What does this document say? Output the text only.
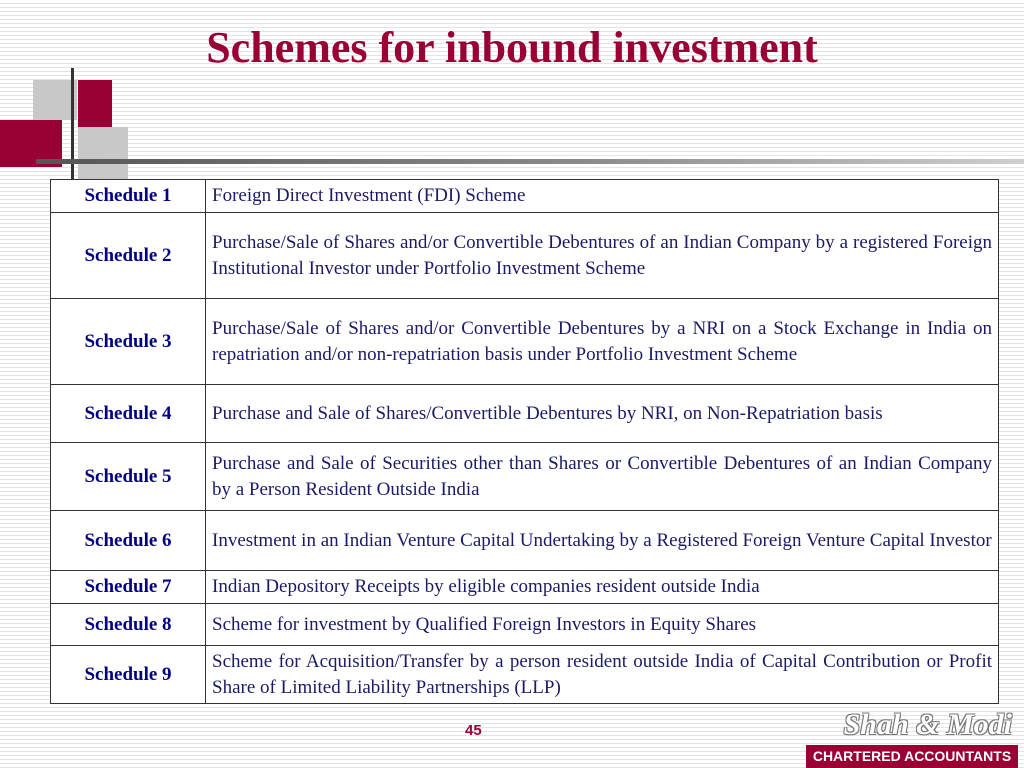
Schemes for inbound investment
Schedule 1	Foreign Direct Investment (FDI) Scheme
Schedule 2	Purchase/Sale of Shares and/or Convertible Debentures of an Indian Company by a registered Foreign Institutional Investor under Portfolio Investment Scheme
Schedule 3	Purchase/Sale of Shares and/or Convertible Debentures by a NRI on a Stock Exchange in India on repatriation and/or non-repatriation basis under Portfolio Investment Scheme
Schedule 4	Purchase and Sale of Shares/Convertible Debentures by NRI, on Non-Repatriation basis
Schedule 5	Purchase and Sale of Securities other than Shares or Convertible Debentures of an Indian Company by a Person Resident Outside India
Schedule 6	Investment in an Indian Venture Capital Undertaking by a Registered Foreign Venture Capital Investor
Schedule 7	Indian Depository Receipts by eligible companies resident outside India
Schedule 8	Scheme for investment by Qualified Foreign Investors in Equity Shares
Schedule 9	Scheme for Acquisition/Transfer by a person resident outside India of Capital Contribution or Profit Share of Limited Liability Partnerships (LLP)
45	Shah & Modi
CHARTERED ACCOUNTANTS
